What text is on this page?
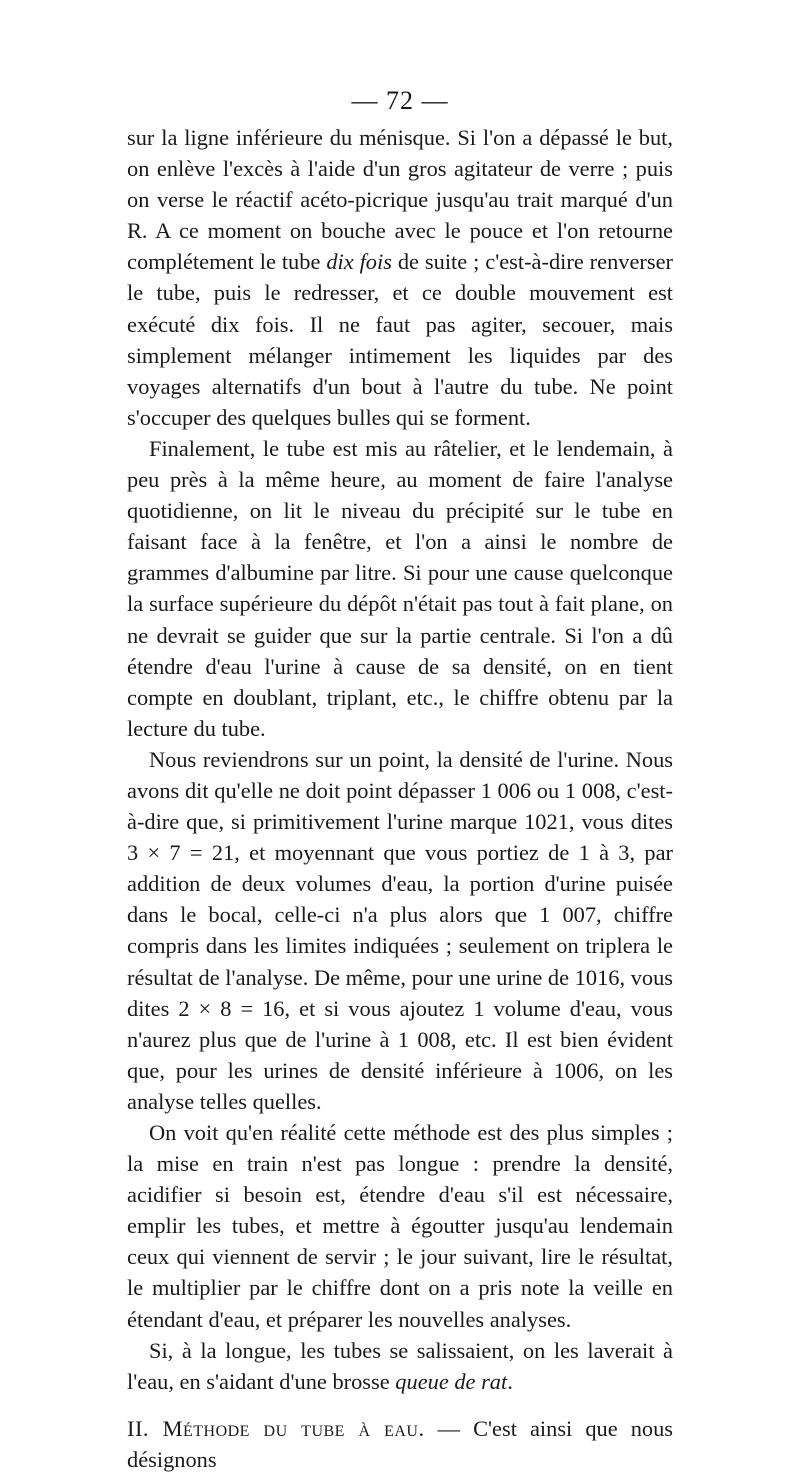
— 72 —

sur la ligne inférieure du ménisque. Si l'on a dépassé le but, on enlève l'excès à l'aide d'un gros agitateur de verre ; puis on verse le réactif acéto-picrique jusqu'au trait marqué d'un R. A ce moment on bouche avec le pouce et l'on retourne complétement le tube dix fois de suite ; c'est-à-dire renverser le tube, puis le redresser, et ce double mouvement est exécuté dix fois. Il ne faut pas agiter, secouer, mais simplement mélanger intimement les liquides par des voyages alternatifs d'un bout à l'autre du tube. Ne point s'occuper des quelques bulles qui se forment.

Finalement, le tube est mis au râtelier, et le lendemain, à peu près à la même heure, au moment de faire l'analyse quotidienne, on lit le niveau du précipité sur le tube en faisant face à la fenêtre, et l'on a ainsi le nombre de grammes d'albumine par litre. Si pour une cause quelconque la surface supérieure du dépôt n'était pas tout à fait plane, on ne devrait se guider que sur la partie centrale. Si l'on a dû étendre d'eau l'urine à cause de sa densité, on en tient compte en doublant, triplant, etc., le chiffre obtenu par la lecture du tube.

Nous reviendrons sur un point, la densité de l'urine. Nous avons dit qu'elle ne doit point dépasser 1 006 ou 1 008, c'est-à-dire que, si primitivement l'urine marque 1021, vous dites 3 × 7 = 21, et moyennant que vous portiez de 1 à 3, par addition de deux volumes d'eau, la portion d'urine puisée dans le bocal, celle-ci n'a plus alors que 1 007, chiffre compris dans les limites indiquées ; seulement on triplera le résultat de l'analyse. De même, pour une urine de 1016, vous dites 2 × 8 = 16, et si vous ajoutez 1 volume d'eau, vous n'aurez plus que de l'urine à 1 008, etc. Il est bien évident que, pour les urines de densité inférieure à 1006, on les analyse telles quelles.

On voit qu'en réalité cette méthode est des plus simples ; la mise en train n'est pas longue : prendre la densité, acidifier si besoin est, étendre d'eau s'il est nécessaire, emplir les tubes, et mettre à égoutter jusqu'au lendemain ceux qui viennent de servir ; le jour suivant, lire le résultat, le multiplier par le chiffre dont on a pris note la veille en étendant d'eau, et préparer les nouvelles analyses.

Si, à la longue, les tubes se salissaient, on les laverait à l'eau, en s'aidant d'une brosse queue de rat.

II. Méthode du tube à eau. — C'est ainsi que nous désignons
